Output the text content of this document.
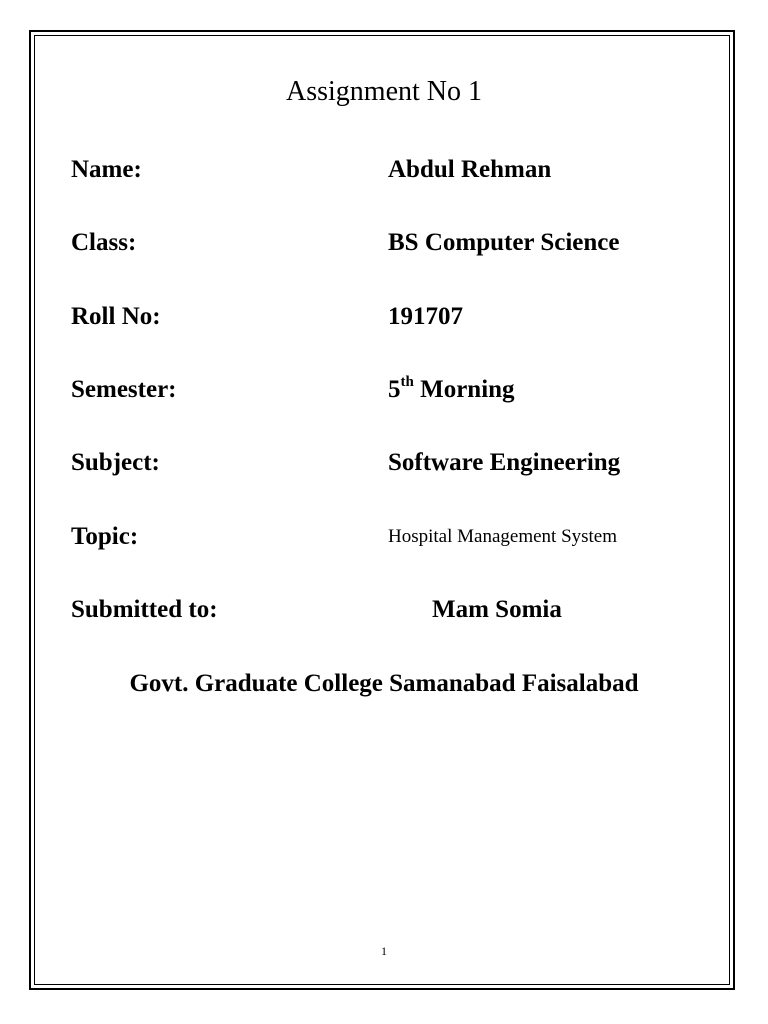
Assignment No 1
Name:	Abdul Rehman
Class:	BS Computer Science
Roll No:	191707
Semester:	5th Morning
Subject:	Software Engineering
Topic:	Hospital Management System
Submitted to:	Mam Somia
Govt. Graduate College Samanabad Faisalabad
1
